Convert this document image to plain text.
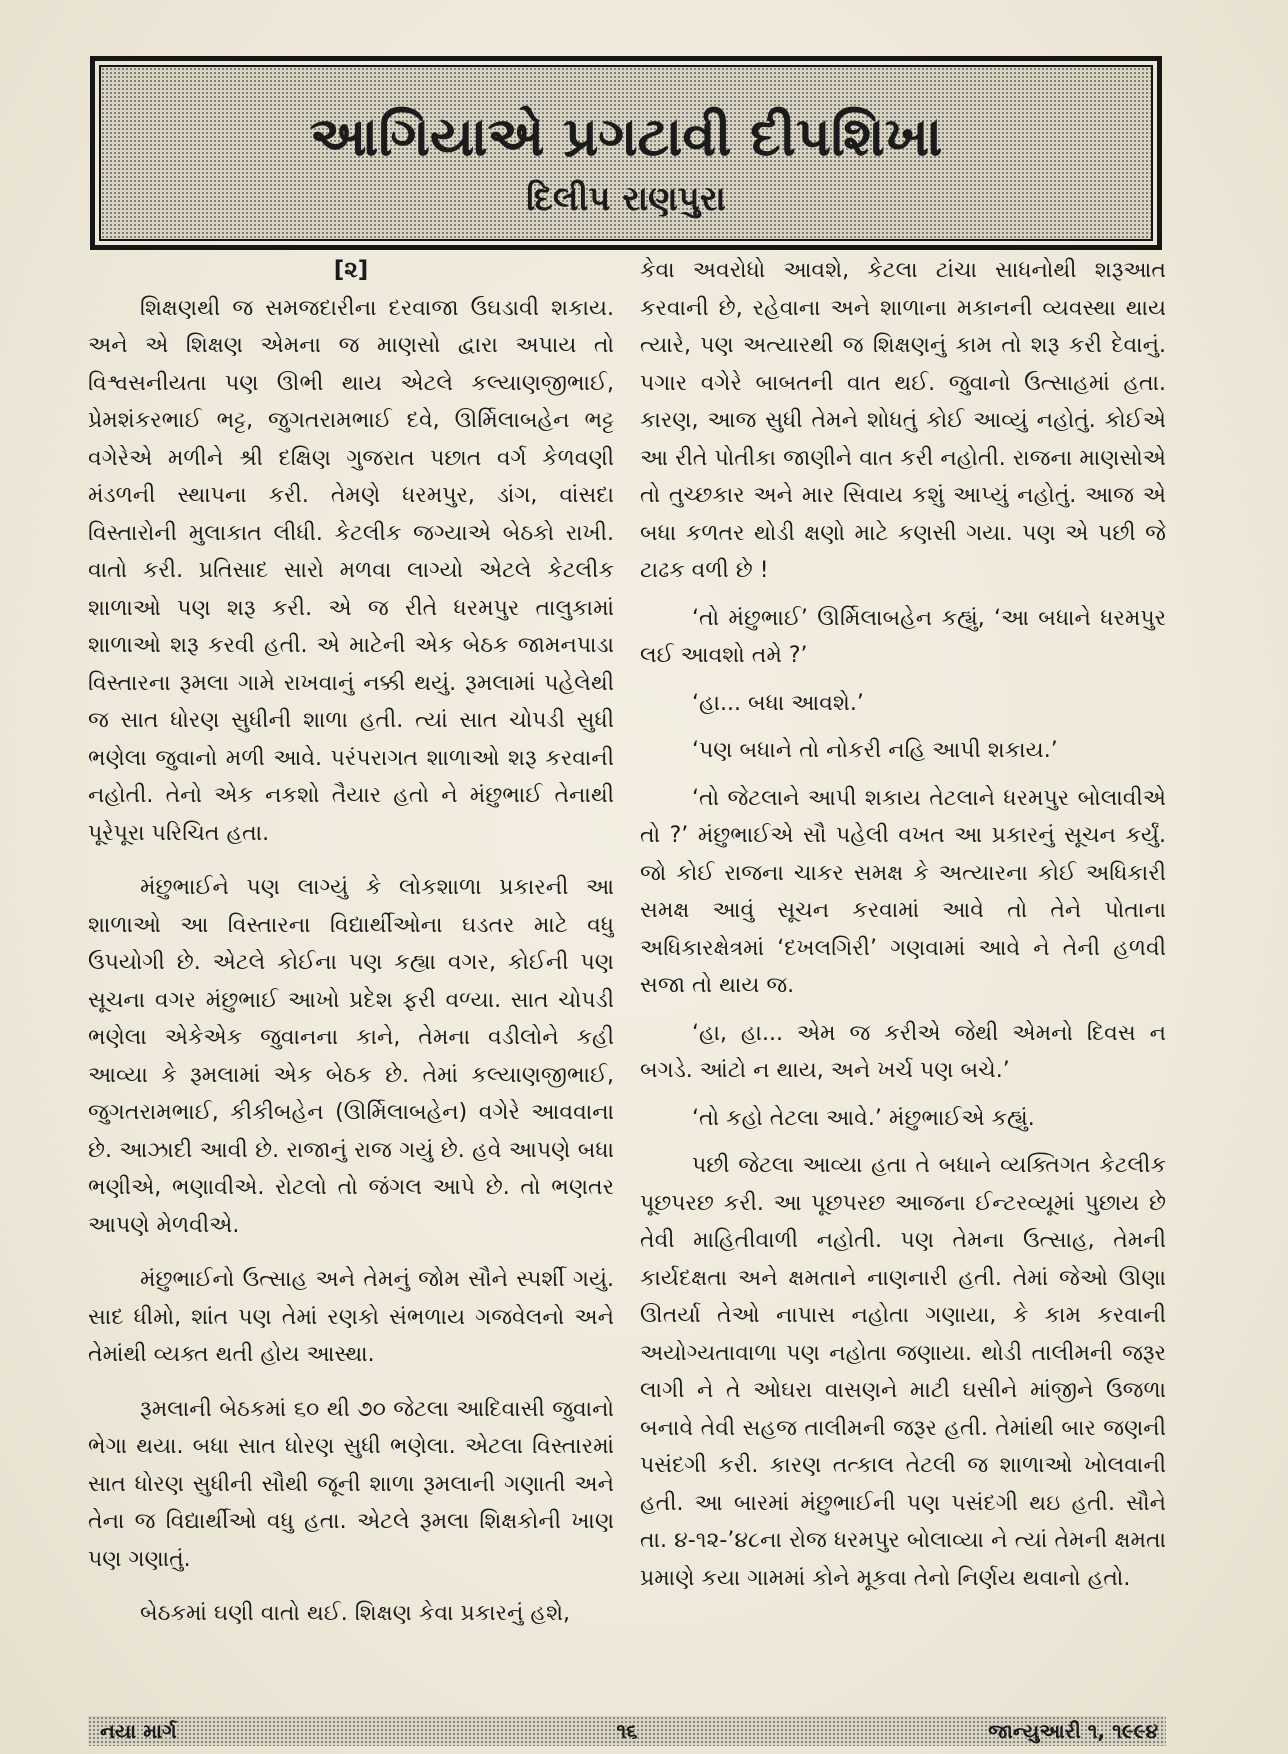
આગિયાએ પ્રગટાવી દીપશિખા
દિલીપ રાણપુરા

[૨]

શિક્ષણથી જ સમજદારીના દરવાજા ઉઘડાવી શકાય. અને એ શિક્ષણ એમના જ માણસો દ્વારા અપાય તો વિશ્વસનીયતા પણ ઊભી થાય એટલે કલ્યાણજીભાઈ, પ્રેમશંકરભાઈ ભટ્ટ, જુગતરામભાઈ દવે, ઊર્મિલાબહેન ભટ્ટ વગેરેએ મળીને શ્રી દક્ષિણ ગુજરાત પછાત વર્ગ કેળવણી મંડળની સ્થાપના કરી. તેમણે ધરમપુર, ડાંગ, વાંસદા વિસ્તારોની મુલાકાત લીધી. કેટલીક જગ્યાએ બેઠકો રાખી. વાતો કરી. પ્રતિસાદ સારો મળવા લાગ્યો એટલે કેટલીક શાળાઓ પણ શરૂ કરી. એ જ રીતે ધરમપુર તાલુકામાં શાળાઓ શરૂ કરવી હતી. એ માટેની એક બેઠક જામનપાડા વિસ્તારના રૂમલા ગામે રાખવાનું નક્કી થયું. રૂમલામાં પહેલેથી જ સાત ધોરણ સુધીની શાળા હતી. ત્યાં સાત ચોપડી સુધી ભણેલા જુવાનો મળી આવે. પરંપરાગત શાળાઓ શરૂ કરવાની નહોતી. તેનો એક નકશો તૈયાર હતો ને મંછુભાઈ તેનાથી પૂરેપૂરા પરિચિત હતા.

મંછુભાઈને પણ લાગ્યું કે લોકશાળા પ્રકારની આ શાળાઓ આ વિસ્તારના વિદ્યાર્થીઓના ઘડતર માટે વધુ ઉપયોગી છે. એટલે કોઈના પણ કહ્યા વગર, કોઈની પણ સૂચના વગર મંછુભાઈ આખો પ્રદેશ ફરી વળ્યા. સાત ચોપડી ભણેલા એકેએક જુવાનના કાને, તેમના વડીલોને કહી આવ્યા કે રૂમલામાં એક બેઠક છે. તેમાં કલ્યાણજીભાઈ, જુગતરામભાઈ, કીકીબહેન (ઊર્મિલાબહેન) વગેરે આવવાના છે. આઝાદી આવી છે. રાજાનું રાજ ગયું છે. હવે આપણે બધા ભણીએ, ભણાવીએ. રોટલો તો જંગલ આપે છે. તો ભણતર આપણે મેળવીએ.

મંછુભાઈનો ઉત્સાહ અને તેમનું જોમ સૌને સ્પર્શી ગયું. સાદ ધીમો, શાંત પણ તેમાં રણકો સંભળાય ગજવેલનો અને તેમાંથી વ્યક્ત થતી હોય આસ્થા.

રૂમલાની બેઠકમાં ૬૦ થી ૭૦ જેટલા આદિવાસી જુવાનો ભેગા થયા. બધા સાત ધોરણ સુધી ભણેલા. એટલા વિસ્તારમાં સાત ધોરણ સુધીની સૌથી જૂની શાળા રૂમલાની ગણાતી અને તેના જ વિદ્યાર્થીઓ વધુ હતા. એટલે રૂમલા શિક્ષકોની ખાણ પણ ગણાતું.

બેઠકમાં ઘણી વાતો થઈ. શિક્ષણ કેવા પ્રકારનું હશે,

કેવા અવરોધો આવશે, કેટલા ટાંચા સાધનોથી શરૂઆત કરવાની છે, રહેવાના અને શાળાના મકાનની વ્યવસ્થા થાય ત્યારે, પણ અત્યારથી જ શિક્ષણનું કામ તો શરૂ કરી દેવાનું. પગાર વગેરે બાબતની વાત થઈ. જુવાનો ઉત્સાહમાં હતા. કારણ, આજ સુધી તેમને શોધતું કોઈ આવ્યું નહોતું. કોઈએ આ રીતે પોતીકા જાણીને વાત કરી નહોતી. રાજના માણસોએ તો તુચ્છકાર અને માર સિવાય કશું આપ્યું નહોતું. આજ એ બધા કળતર થોડી ક્ષણો માટે કણસી ગયા. પણ એ પછી જે ટાઢક વળી છે !

‘તો મંછુભાઈ’ ઊર્મિલાબહેન કહ્યું, ‘આ બધાને ધરમપુર લઈ આવશો તમે ?’

‘હા... બધા આવશે.’

‘પણ બધાને તો નોકરી નહિ આપી શકાય.’

‘તો જેટલાને આપી શકાય તેટલાને ધરમપુર બોલાવીએ તો ?’ મંછુભાઈએ સૌ પહેલી વખત આ પ્રકારનું સૂચન કર્યું. જો કોઈ રાજના ચાકર સમક્ષ કે અત્યારના કોઈ અધિકારી સમક્ષ આવું સૂચન કરવામાં આવે તો તેને પોતાના અધિકારક્ષેત્રમાં ‘દખલગિરી’ ગણવામાં આવે ને તેની હળવી સજા તો થાય જ.

‘હા, હા... એમ જ કરીએ જેથી એમનો દિવસ ન બગડે. આંટો ન થાય, અને ખર્ચ પણ બચે.’

‘તો કહો તેટલા આવે.’ મંછુભાઈએ કહ્યું.

પછી જેટલા આવ્યા હતા તે બધાને વ્યક્તિગત કેટલીક પૂછપરછ કરી. આ પૂછપરછ આજના ઈન્ટરવ્યૂમાં પુછાય છે તેવી માહિતીવાળી નહોતી. પણ તેમના ઉત્સાહ, તેમની કાર્યદક્ષતા અને ક્ષમતાને નાણનારી હતી. તેમાં જેઓ ઊણા ઊતર્યા તેઓ નાપાસ નહોતા ગણાયા, કે કામ કરવાની અયોગ્યતાવાળા પણ નહોતા જણાયા. થોડી તાલીમની જરૂર લાગી ને તે ઓઘરા વાસણને માટી ઘસીને માંજીને ઉજળા બનાવે તેવી સહજ તાલીમની જરૂર હતી. તેમાંથી બાર જણની પસંદગી કરી. કારણ તત્કાલ તેટલી જ શાળાઓ ખોલવાની હતી. આ બારમાં મંછુભાઈની પણ પસંદગી થઇ હતી. સૌને તા. ૪-૧૨-’૪૮ના રોજ ધરમપુર બોલાવ્યા ને ત્યાં તેમની ક્ષમતા પ્રમાણે કયા ગામમાં કોને મૂકવા તેનો નિર્ણય થવાનો હતો.

નયા માર્ગ	૧૬	જાન્યુઆરી ૧, ૧૯૯૪
